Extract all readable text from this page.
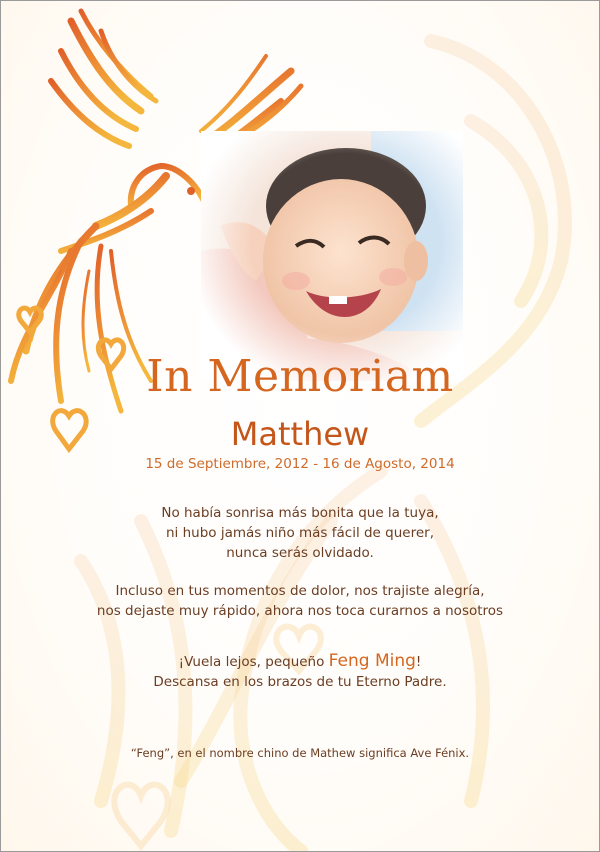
In Memoriam
Matthew
15 de Septiembre, 2012 - 16 de Agosto, 2014
No había sonrisa más bonita que la tuya,
ni hubo jamás niño más fácil de querer,
nunca serás olvidado.
Incluso en tus momentos de dolor, nos trajiste alegría,
nos dejaste muy rápido, ahora nos toca curarnos a nosotros
¡Vuela lejos, pequeño Feng Ming!
Descansa en los brazos de tu Eterno Padre.
“Feng”, en el nombre chino de Mathew significa Ave Fénix.
